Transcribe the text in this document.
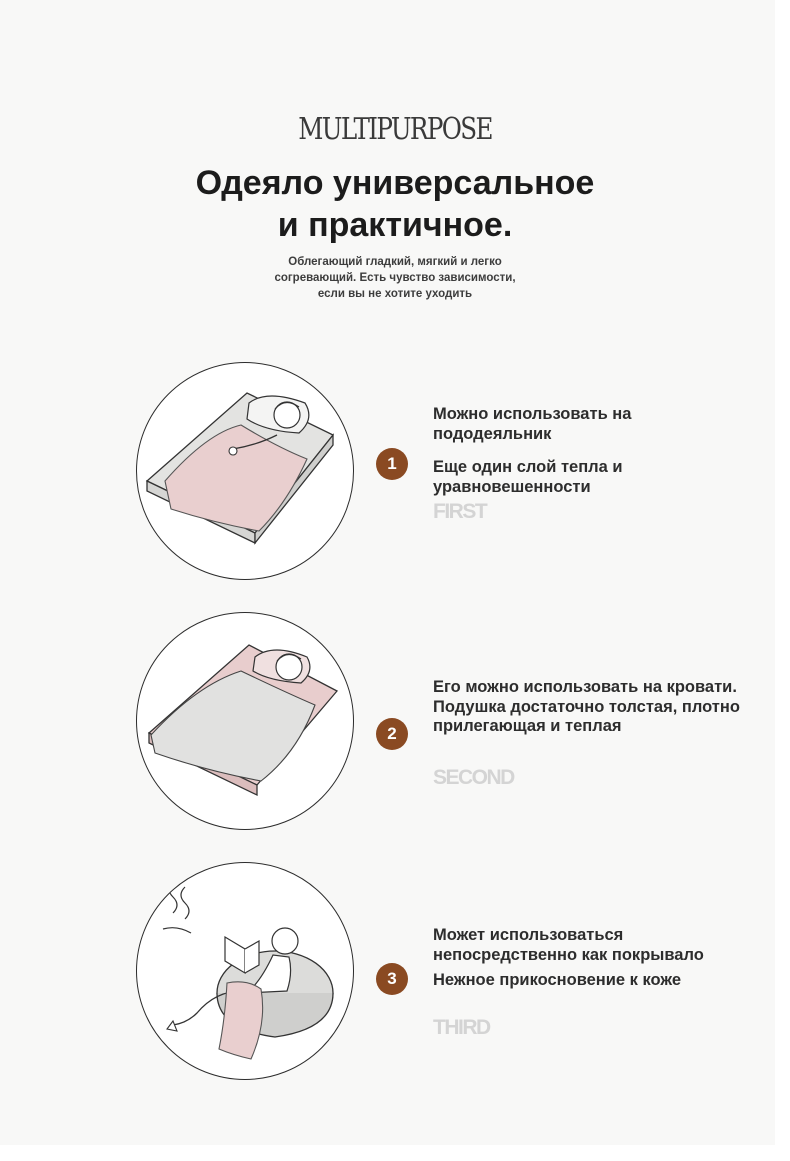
MULTIPURPOSE
Одеяло универсальное
и практичное.
Облегающий гладкий, мягкий и легко согревающий. Есть чувство зависимости, если вы не хотите уходить
1

Можно использовать на пододеяльник

Еще один слой тепла и уравновешенности

FIRST
2

Его можно использовать на кровати. Подушка достаточно толстая, плотно прилегающая и теплая

SECOND
3

Может использоваться непосредственно как покрывало

Нежное прикосновение к коже

THIRD
